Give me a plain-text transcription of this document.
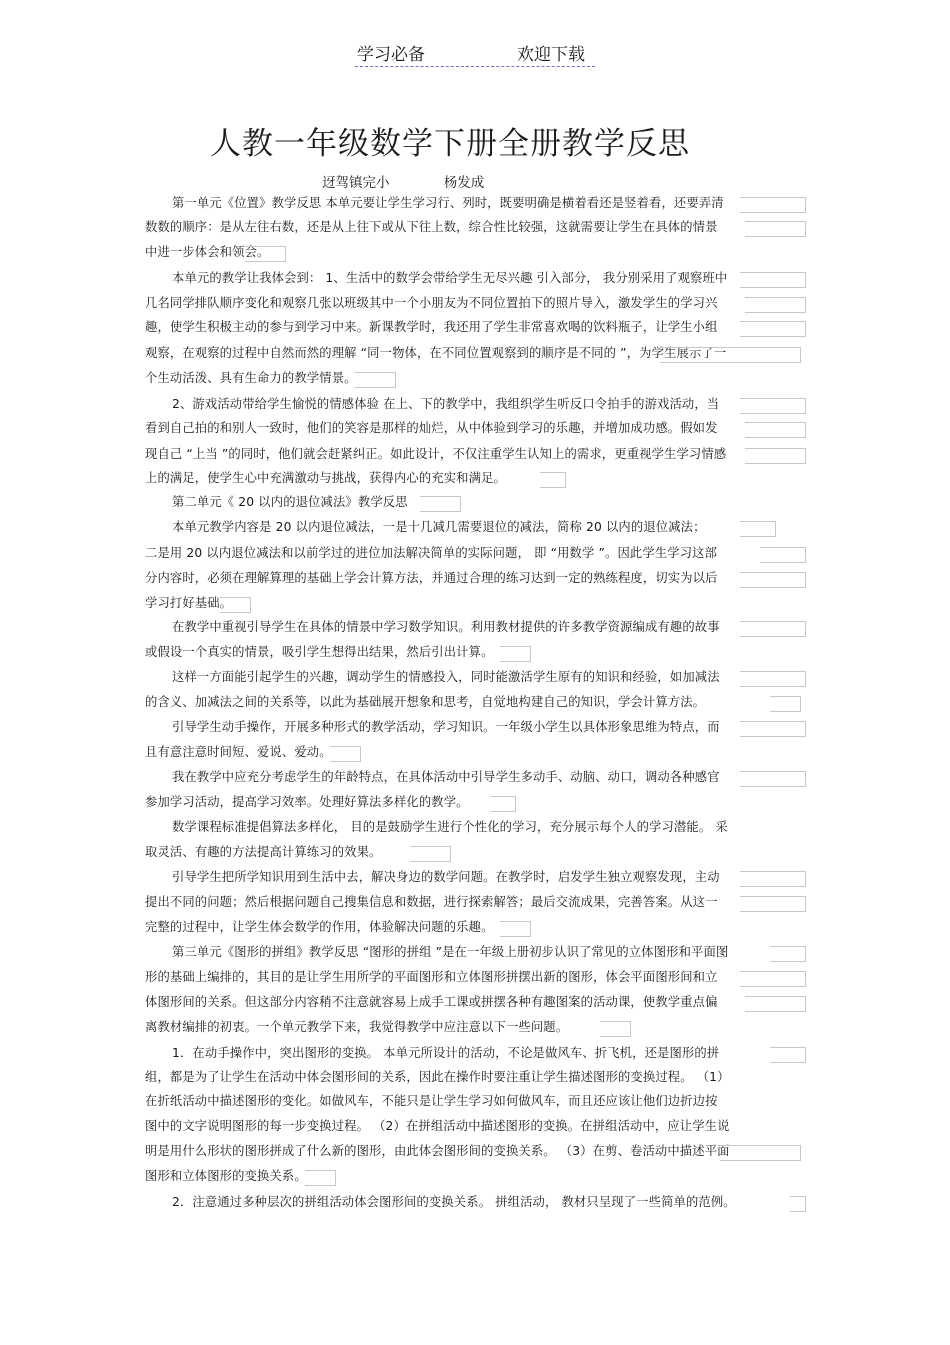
学习必备	欢迎下载
人教一年级数学下册全册教学反思
迓驾镇完小	杨发成
第一单元《位置》教学反思 本单元要让学生学习行、列时，既要明确是横着看还是竖着看，还要弄清
数数的顺序：是从左往右数，还是从上往下或从下往上数，综合性比较强，这就需要让学生在具体的情景
中进一步体会和领会。
本单元的教学让我体会到： 1、生活中的数学会带给学生无尽兴趣 引入部分， 我分别采用了观察班中
几名同学排队顺序变化和观察几张以班级其中一个小朋友为不同位置拍下的照片导入，激发学生的学习兴
趣，使学生积极主动的参与到学习中来。新课教学时，我还用了学生非常喜欢喝的饮料瓶子，让学生小组
观察，在观察的过程中自然而然的理解 “同一物体，在不同位置观察到的顺序是不同的 ”，为学生展示了一
个生动活泼、具有生命力的教学情景。
2、游戏活动带给学生愉悦的情感体验 在上、下的教学中，我组织学生听反口令拍手的游戏活动，当
看到自己拍的和别人一致时，他们的笑容是那样的灿烂，从中体验到学习的乐趣，并增加成功感。假如发
现自己 “上当 ”的同时，他们就会赶紧纠正。如此设计，不仅注重学生认知上的需求，更重视学生学习情感
上的满足，使学生心中充满激动与挑战，获得内心的充实和满足。
第二单元《 20 以内的退位减法》教学反思
本单元教学内容是 20 以内退位减法，一是十几减几需要退位的减法，简称 20 以内的退位减法；
二是用 20 以内退位减法和以前学过的进位加法解决简单的实际问题， 即 “用数学 ”。因此学生学习这部
分内容时，必须在理解算理的基础上学会计算方法，并通过合理的练习达到一定的熟练程度，切实为以后
学习打好基础。
在教学中重视引导学生在具体的情景中学习数学知识。利用教材提供的许多教学资源编成有趣的故事
或假设一个真实的情景，吸引学生想得出结果，然后引出计算。
这样一方面能引起学生的兴趣，调动学生的情感投入，同时能激活学生原有的知识和经验，如加减法
的含义、加减法之间的关系等，以此为基础展开想象和思考，自觉地构建自己的知识，学会计算方法。
引导学生动手操作，开展多种形式的教学活动，学习知识。一年级小学生以具体形象思维为特点，而
且有意注意时间短、爱说、爱动。
我在教学中应充分考虑学生的年龄特点，在具体活动中引导学生多动手、动脑、动口，调动各种感官
参加学习活动，提高学习效率。处理好算法多样化的教学。
数学课程标准提倡算法多样化， 目的是鼓励学生进行个性化的学习，充分展示每个人的学习潜能。 采
取灵活、有趣的方法提高计算练习的效果。
引导学生把所学知识用到生活中去，解决身边的数学问题。在教学时，启发学生独立观察发现，主动
提出不同的问题；然后根据问题自己搜集信息和数据，进行探索解答；最后交流成果，完善答案。从这一
完整的过程中，让学生体会数学的作用，体验解决问题的乐趣。
第三单元《图形的拼组》教学反思 “图形的拼组 ”是在一年级上册初步认识了常见的立体图形和平面图
形的基础上编排的，其目的是让学生用所学的平面图形和立体图形拼摆出新的图形，体会平面图形间和立
体图形间的关系。但这部分内容稍不注意就容易上成手工课或拼摆各种有趣图案的活动课，使教学重点偏
离教材编排的初衷。一个单元教学下来，我觉得教学中应注意以下一些问题。
1．在动手操作中，突出图形的变换。 本单元所设计的活动，不论是做风车、折飞机，还是图形的拼
组，都是为了让学生在活动中体会图形间的关系，因此在操作时要注重让学生描述图形的变换过程。 （1）
在折纸活动中描述图形的变化。如做风车，不能只是让学生学习如何做风车，而且还应该让他们边折边按
图中的文字说明图形的每一步变换过程。 （2）在拼组活动中描述图形的变换。在拼组活动中，应让学生说
明是用什么形状的图形拼成了什么新的图形，由此体会图形间的变换关系。 （3）在剪、卷活动中描述平面
图形和立体图形的变换关系。
2．注意通过多种层次的拼组活动体会图形间的变换关系。 拼组活动， 教材只呈现了一些简单的范例。
